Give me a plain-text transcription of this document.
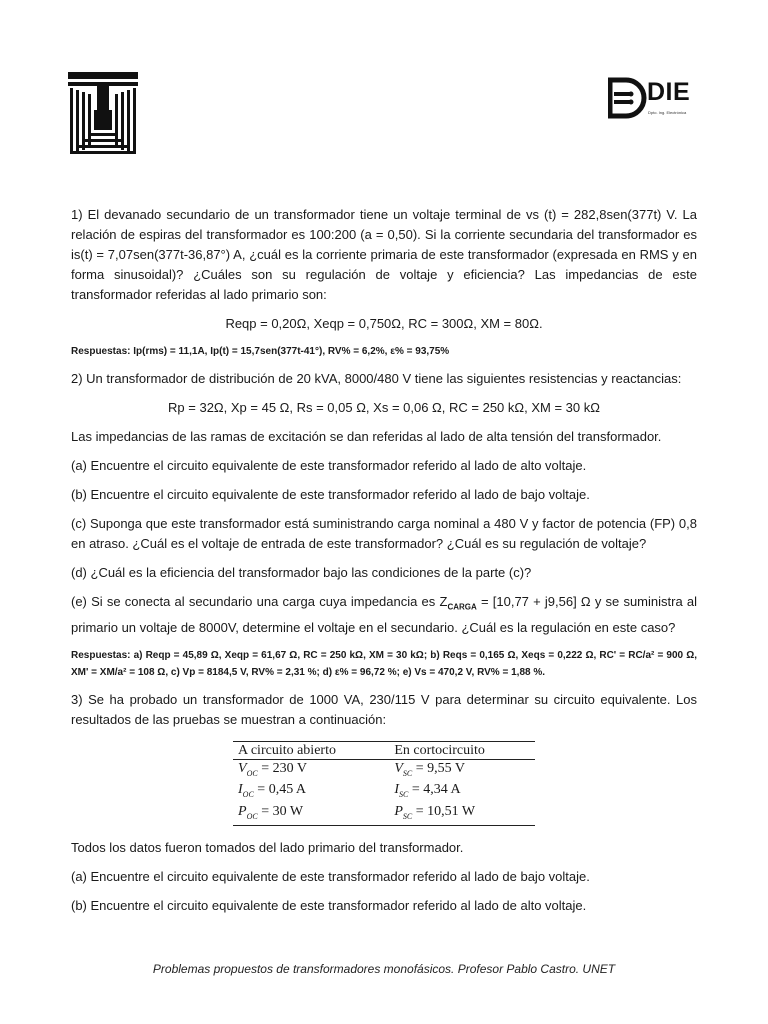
DIE
Dpto. Ing. Electrónica

1) El devanado secundario de un transformador tiene un voltaje terminal de vs (t) = 282,8sen(377t) V. La relación de espiras del transformador es 100:200 (a = 0,50). Si la corriente secundaria del transformador es is(t) = 7,07sen(377t-36,87°) A, ¿cuál es la corriente primaria de este transformador (expresada en RMS y en forma sinusoidal)? ¿Cuáles son su regulación de voltaje y eficiencia? Las impedancias de este transformador referidas al lado primario son:

Reqp = 0,20Ω, Xeqp = 0,750Ω, RC = 300Ω, XM = 80Ω.

Respuestas: Ip(rms) = 11,1A, Ip(t) = 15,7sen(377t-41°), RV% = 6,2%, ε% = 93,75%

2) Un transformador de distribución de 20 kVA, 8000/480 V tiene las siguientes resistencias y reactancias:

Rp = 32Ω, Xp = 45 Ω, Rs = 0,05 Ω, Xs = 0,06 Ω, RC = 250 kΩ, XM = 30 kΩ

Las impedancias de las ramas de excitación se dan referidas al lado de alta tensión del transformador.

(a) Encuentre el circuito equivalente de este transformador referido al lado de alto voltaje.

(b) Encuentre el circuito equivalente de este transformador referido al lado de bajo voltaje.

(c) Suponga que este transformador está suministrando carga nominal a 480 V y factor de potencia (FP) 0,8 en atraso. ¿Cuál es el voltaje de entrada de este transformador? ¿Cuál es su regulación de voltaje?

(d) ¿Cuál es la eficiencia del transformador bajo las condiciones de la parte (c)?

(e) Si se conecta al secundario una carga cuya impedancia es $Z_{CARGA} = [10,77 + j9,56]$ Ω y se suministra al primario un voltaje de 8000V, determine el voltaje en el secundario. ¿Cuál es la regulación en este caso?

Respuestas: a) Reqp = 45,89 Ω, Xeqp = 61,67 Ω, RC = 250 kΩ, XM = 30 kΩ; b) Reqs = 0,165 Ω, Xeqs = 0,222 Ω, RC' = RC/a² = 900 Ω, XM' = XM/a² = 108 Ω, c) Vp = 8184,5 V, RV% = 2,31 %; d) ε% = 96,72 %; e) Vs = 470,2 V, RV% = 1,88 %.

3) Se ha probado un transformador de 1000 VA, 230/115 V para determinar su circuito equivalente. Los resultados de las pruebas se muestran a continuación:

A circuito abierto	En cortocircuito
$V_{OC} = 230$ V	$V_{SC} = 9,55$ V
$I_{OC} = 0,45$ A	$I_{SC} = 4,34$ A
$P_{OC} = 30$ W	$P_{SC} = 10,51$ W

Todos los datos fueron tomados del lado primario del transformador.

(a) Encuentre el circuito equivalente de este transformador referido al lado de bajo voltaje.

(b) Encuentre el circuito equivalente de este transformador referido al lado de alto voltaje.

Problemas propuestos de transformadores monofásicos. Profesor Pablo Castro. UNET
